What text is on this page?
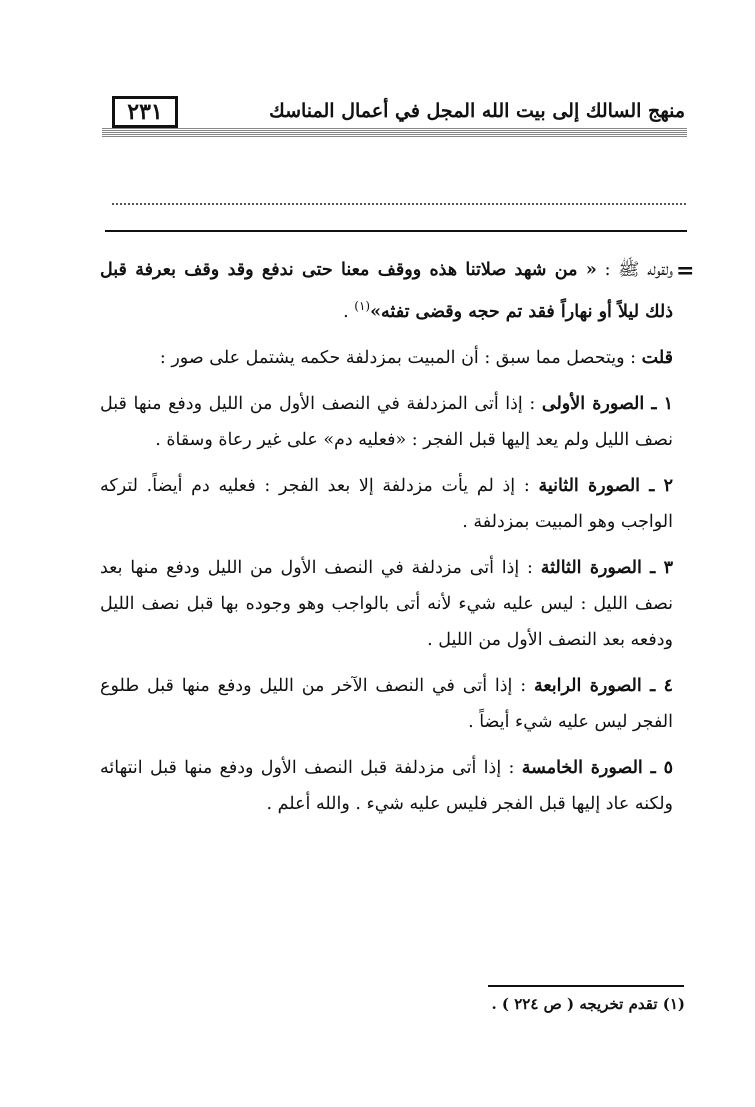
منهج السالك إلى بيت الله المجل في أعمال المناسك
٢٣١
=

ولقوله ﷺ : « من شهد صلاتنا هذه ووقف معنا حتى ندفع وقد وقف بعرفة قبل ذلك ليلاً أو نهاراً فقد تم حجه وقضى تفثه»$^{(١)}$ .

قلت : ويتحصل مما سبق : أن المبيت بمزدلفة حكمه يشتمل على صور :

١ ـ الصورة الأولى : إذا أتى المزدلفة في النصف الأول من الليل ودفع منها قبل نصف الليل ولم يعد إليها قبل الفجر : «فعليه دم» على غير رعاة وسقاة .

٢ ـ الصورة الثانية : إذ لم يأت مزدلفة إلا بعد الفجر : فعليه دم أيضاً. لتركه الواجب وهو المبيت بمزدلفة .

٣ ـ الصورة الثالثة : إذا أتى مزدلفة في النصف الأول من الليل ودفع منها بعد نصف الليل : ليس عليه شيء لأنه أتى بالواجب وهو وجوده بها قبل نصف الليل ودفعه بعد النصف الأول من الليل .

٤ ـ الصورة الرابعة : إذا أتى في النصف الآخر من الليل ودفع منها قبل طلوع الفجر ليس عليه شيء أيضاً .

٥ ـ الصورة الخامسة : إذا أتى مزدلفة قبل النصف الأول ودفع منها قبل انتهائه ولكنه عاد إليها قبل الفجر فليس عليه شيء . والله أعلم .

(١) تقدم تخريجه ( ص ٢٢٤ ) .
